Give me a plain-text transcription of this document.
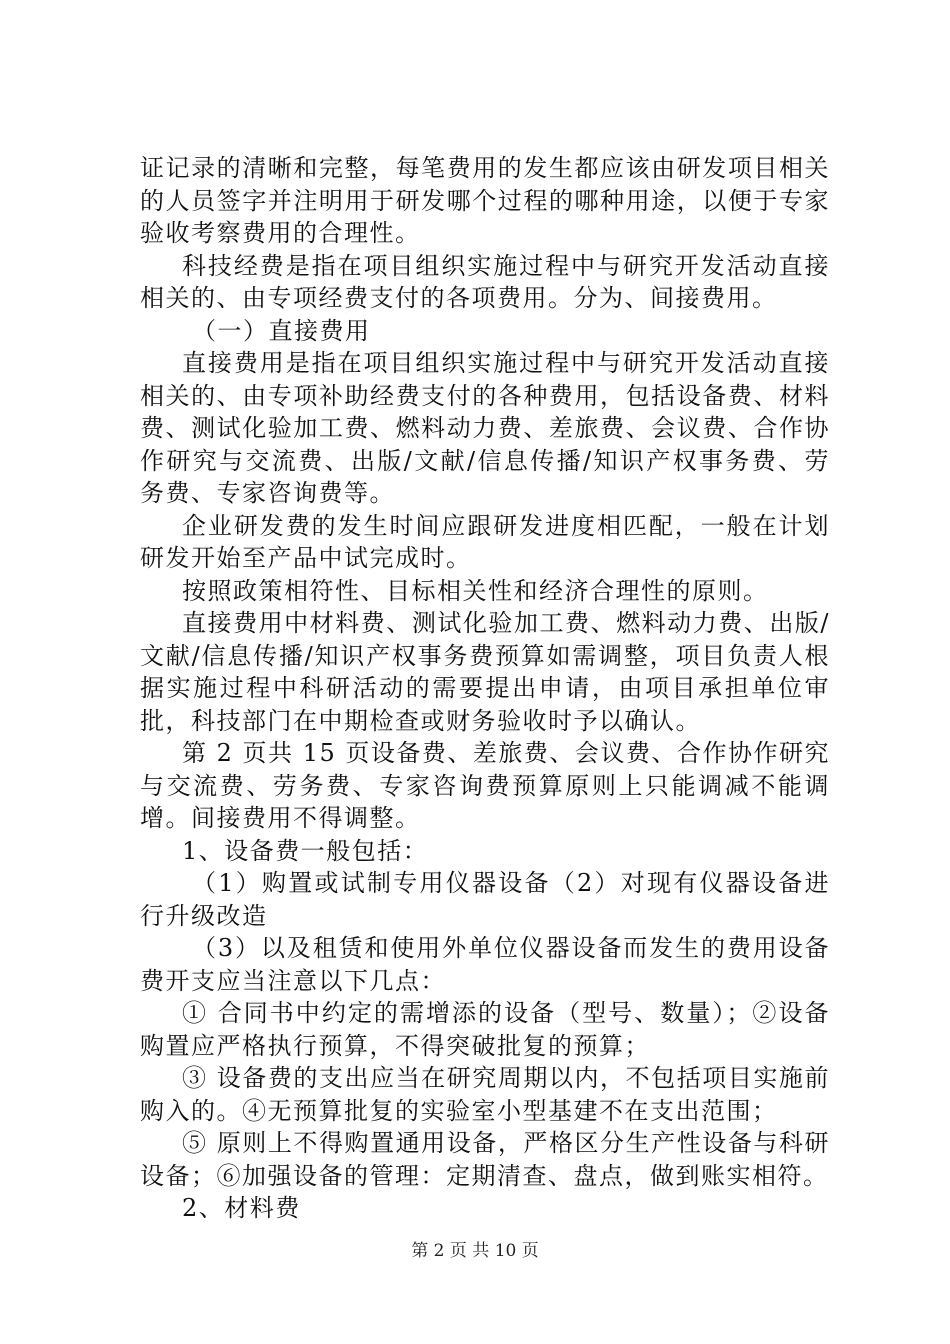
证记录的清晰和完整，每笔费用的发生都应该由研发项目相关的人员签字并注明用于研发哪个过程的哪种用途，以便于专家验收考察费用的合理性。

科技经费是指在项目组织实施过程中与研究开发活动直接相关的、由专项经费支付的各项费用。分为、间接费用。

（一）直接费用

直接费用是指在项目组织实施过程中与研究开发活动直接相关的、由专项补助经费支付的各种费用，包括设备费、材料费、测试化验加工费、燃料动力费、差旅费、会议费、合作协作研究与交流费、出版/文献/信息传播/知识产权事务费、劳务费、专家咨询费等。

企业研发费的发生时间应跟研发进度相匹配，一般在计划研发开始至产品中试完成时。

按照政策相符性、目标相关性和经济合理性的原则。

直接费用中材料费、测试化验加工费、燃料动力费、出版/文献/信息传播/知识产权事务费预算如需调整，项目负责人根据实施过程中科研活动的需要提出申请，由项目承担单位审批，科技部门在中期检查或财务验收时予以确认。

第 2 页共 15 页设备费、差旅费、会议费、合作协作研究与交流费、劳务费、专家咨询费预算原则上只能调减不能调增。间接费用不得调整。

1、设备费一般包括：

（1）购置或试制专用仪器设备（2）对现有仪器设备进行升级改造

（3）以及租赁和使用外单位仪器设备而发生的费用设备费开支应当注意以下几点：

① 合同书中约定的需增添的设备（型号、数量）；②设备购置应严格执行预算，不得突破批复的预算；

③ 设备费的支出应当在研究周期以内，不包括项目实施前购入的。④无预算批复的实验室小型基建不在支出范围；

⑤ 原则上不得购置通用设备，严格区分生产性设备与科研设备；⑥加强设备的管理：定期清查、盘点，做到账实相符。

2、材料费

第 2 页 共 10 页
